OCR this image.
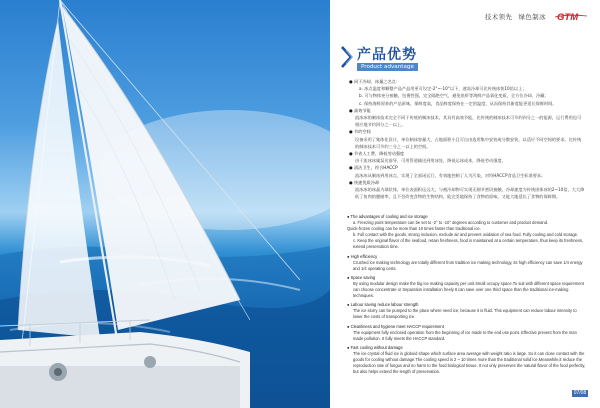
技术领先 绿色制冰 GTM
产品优势
Product advantage

● 同于冷却、冰量之名点：

a. 冰点温度和颗整产品产品用更可设定-2°~-10°以下，速冻冷却可比传统冰快10倍以上；

b. 可与物体充分接触，包裹性强，完全隔绝空气，避免鱼虾等海鲜产品氧化变质，全方位冷却、冷藏；

c. 保持海鲜原来的产品原味，保鲜度高，食品鲜度保持在一定的温度，从而保持其新度能更延长保鲜时间。

● 高效节能

流冰冰的制冰技术完全不同于传统的制冰技术，其具有高效节能，比传统的制冰技术可节约四分之一的能源，运行费用也可相应地节约四分之一以上。

● 节约空间

设备采用了集体化设计，单位制冰容量大，占地面积小且可自由选用集中安装或分散安装，以适应不同空间的要求。比传统的制冰技术可节约三分之一以上的空间。

● 节省人工费，降低劳动强度

由于流冰冰属泵送前导，可用管道输送到用冰处，降低运冰成本，降低劳动强度。

● 清洁卫生，符合HACCP

流冰冰从制冰到用冰点，实现了全部闭运行，有效地控制了人为污染，对符HACCP食品卫生标准要求。

● 快速优质冷却

流冰冰的冰晶为球状体，单位表面积远远大，与被冷却物可实现无细节密切接触，冷却速度为传统固体冰的2~10倍，大大降低了鱼肉的腥储率，且不会改变食物的生物结构，能完美地保持了食物的原味，又能大地延长了食物的保鲜期。

● The advantages of cooling and ice storage

a. Freezing point temperature can be set to -2° to -10° degrees according to customer and product demand.

Quick-frozen cooling can be more than 10 times faster than traditional ice.

b. Full contact with the goods, strong inclusion, exclude air and prevent oxidation of sea food. Fully cooling and cold storage.

c. Keep the original flavor of the seafood, retain freshness, food is maintained at a certain temperature, thus keep its freshness, extend preservation time.

● High efficiency

Crushed ice making technology are totally different from tradition ice making technology, its high efficiency can save 1/4 energy and 1/4 operating costs.

● Space saving

By using modular design make the big ice making capacity per unit.Small occupy space.To suit with different space requirement can choose concentrate or Separation installation freely.It can save over one third space than the traditional ice-making techniques.

● Labour saving reduce labour strength

The ice slurry can be pumped to the place where need ice, because it is fluid. This equipment can reduce labour intensity to lower the costs of transporting ice.

● Cleanliness and hygiene meet HACCP requirement

The equipment fully enclosed operation from the beginning of ice made to the end use point. Effective prevent from the man made pollution. It fully meets the HACCP standard.

● Fast cooling without damage

The ice crystal of fluid ice is globoid shape which surface area average with weight ratio is large. So it can close contact with the goods for cooling without damage.The cooling speed is 2 ~ 10 times more than the traditional solid ice.Meanwhile,it reduce the reproduction rate of fungus and no harm to the food biological tissue. It not only preserves the natural flavor of the food perfectly, but also helps extend the length of preservation.

07/08
